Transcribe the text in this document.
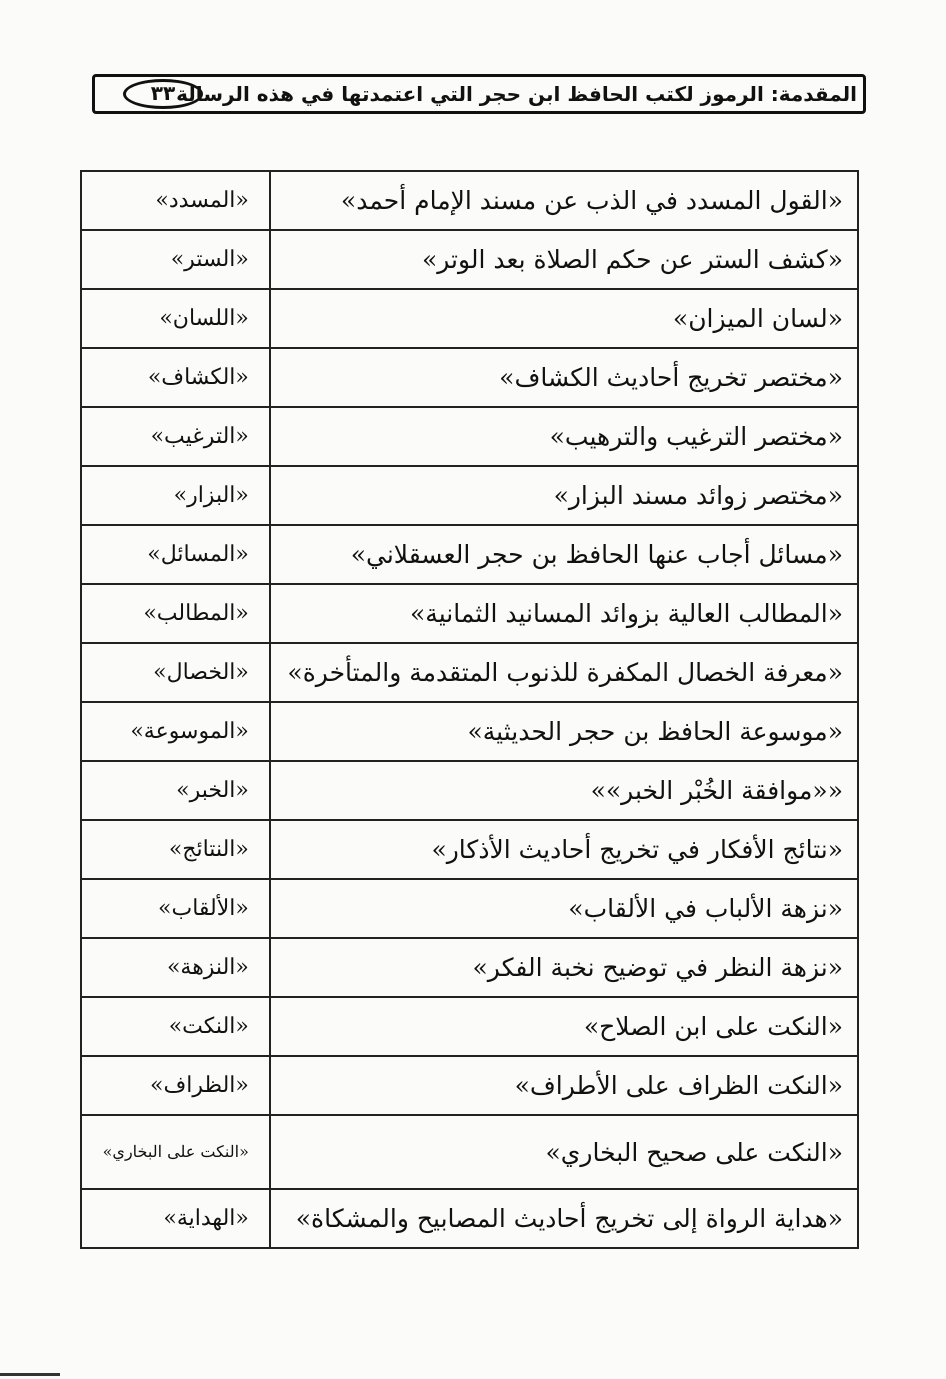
المقدمة: الرموز لكتب الحافظ ابن حجر التي اعتمدتها في هذه الرسالة
٣٣
«القول المسدد في الذب عن مسند الإمام أحمد»	«المسدد»
«كشف الستر عن حكم الصلاة بعد الوتر»	«الستر»
«لسان الميزان»	«اللسان»
«مختصر تخريج أحاديث الكشاف»	«الكشاف»
«مختصر الترغيب والترهيب»	«الترغيب»
«مختصر زوائد مسند البزار»	«البزار»
«مسائل أجاب عنها الحافظ بن حجر العسقلاني»	«المسائل»
«المطالب العالية بزوائد المسانيد الثمانية»	«المطالب»
«معرفة الخصال المكفرة للذنوب المتقدمة والمتأخرة»	«الخصال»
«موسوعة الحافظ بن حجر الحديثية»	«الموسوعة»
««موافقة الخُبْر الخبر»»	«الخبر»
«نتائج الأفكار في تخريج أحاديث الأذكار»	«النتائج»
«نزهة الألباب في الألقاب»	«الألقاب»
«نزهة النظر في توضيح نخبة الفكر»	«النزهة»
«النكت على ابن الصلاح»	«النكت»
«النكت الظراف على الأطراف»	«الظراف»
«النكت على صحيح البخاري»	«النكت على البخاري»
«هداية الرواة إلى تخريج أحاديث المصابيح والمشكاة»	«الهداية»
